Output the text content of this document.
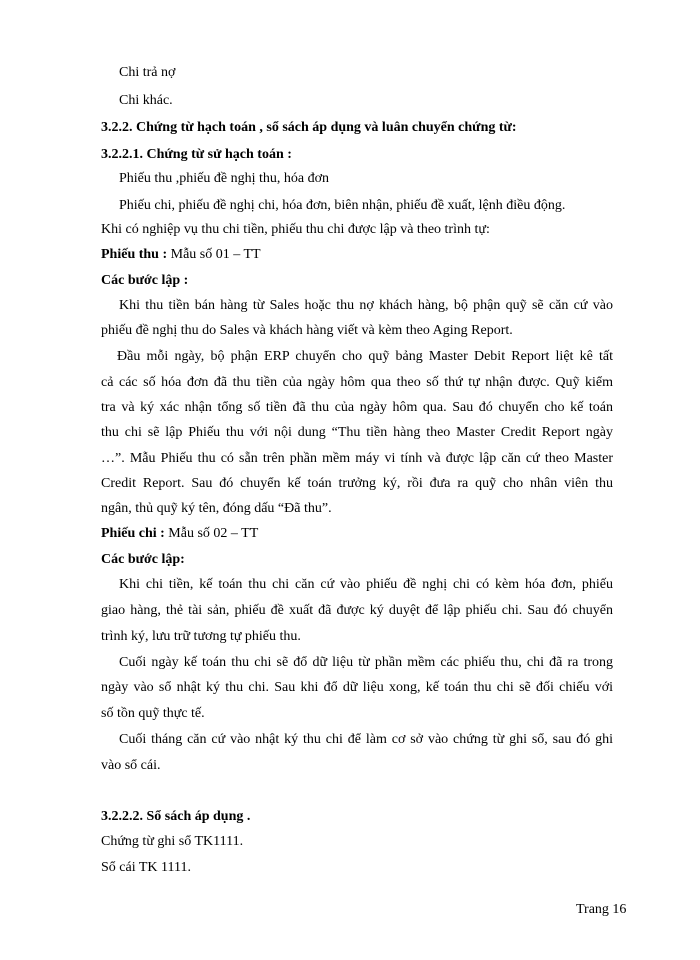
Chi trả nợ
Chi khác.
3.2.2. Chứng từ hạch toán , sổ sách áp dụng và luân chuyển chứng từ:
3.2.2.1. Chứng từ sử hạch toán :
Phiếu thu ,phiếu đề nghị thu, hóa đơn
Phiếu chi, phiếu đề nghị chi, hóa đơn, biên nhận, phiếu đề xuất, lệnh điều động.
Khi có nghiệp vụ thu chi tiền, phiếu thu chi được lập và theo trình tự:
Phiếu thu : Mẫu số 01 – TT
Các bước lập :
Khi thu tiền bán hàng từ Sales hoặc thu nợ khách hàng, bộ phận quỹ sẽ căn cứ vào
phiếu đề nghị thu do Sales và khách hàng viết và kèm theo Aging Report.
Đầu mỗi ngày, bộ phận ERP chuyển cho quỹ bảng Master Debit Report liệt kê tất
cả các số hóa đơn đã thu tiền của ngày hôm qua theo số thứ tự nhận được. Quỹ kiểm
tra và ký xác nhận tổng số tiền đã thu của ngày hôm qua. Sau đó chuyển cho kế toán
thu chi sẽ lập Phiếu thu với nội dung “Thu tiền hàng theo Master Credit Report ngày
…”. Mẫu Phiếu thu có sẵn trên phần mềm máy vi tính và được lập căn cứ theo Master
Credit Report. Sau đó chuyển kế toán trưởng ký, rồi đưa ra quỹ cho nhân viên thu
ngân, thủ quỹ ký tên, đóng dấu “Đã thu”.
Phiếu chi : Mẫu số 02 – TT
Các bước lập:
Khi chi tiền, kế toán thu chi căn cứ vào phiếu đề nghị chi có kèm hóa đơn, phiếu
giao hàng, thẻ tài sản, phiếu đề xuất đã được ký duyệt để lập phiếu chi. Sau đó chuyển
trình ký, lưu trữ tương tự phiếu thu.
Cuối ngày kế toán thu chi sẽ đổ dữ liệu từ phần mềm các phiếu thu, chi đã ra trong
ngày vào sổ nhật ký thu chi. Sau khi đổ dữ liệu xong, kế toán thu chi sẽ đối chiếu với
số tồn quỹ thực tế.
Cuối tháng căn cứ vào nhật ký thu chi để làm cơ sở vào chứng từ ghi sổ, sau đó ghi
vào sổ cái.
3.2.2.2. Sổ sách áp dụng .
Chứng từ ghi sổ TK1111.
Sổ cái TK 1111.
Trang 16
